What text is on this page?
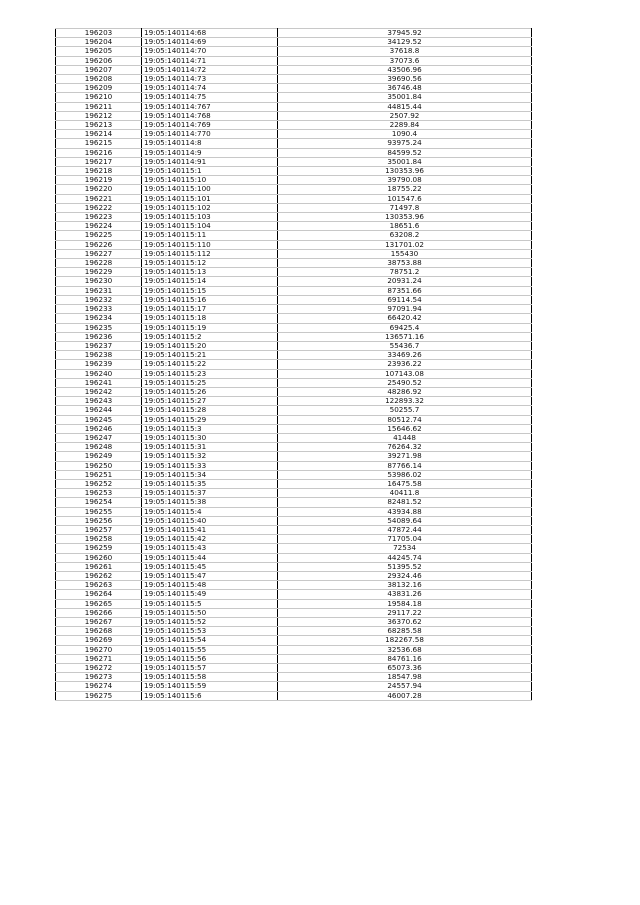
196203	19:05:140114:68	37945.92
196204	19:05:140114:69	34129.52
196205	19:05:140114:70	37618.8
196206	19:05:140114:71	37073.6
196207	19:05:140114:72	43506.96
196208	19:05:140114:73	39690.56
196209	19:05:140114:74	36746.48
196210	19:05:140114:75	35001.84
196211	19:05:140114:767	44815.44
196212	19:05:140114:768	2507.92
196213	19:05:140114:769	2289.84
196214	19:05:140114:770	1090.4
196215	19:05:140114:8	93975.24
196216	19:05:140114:9	84599.52
196217	19:05:140114:91	35001.84
196218	19:05:140115:1	130353.96
196219	19:05:140115:10	39790.08
196220	19:05:140115:100	18755.22
196221	19:05:140115:101	101547.6
196222	19:05:140115:102	71497.8
196223	19:05:140115:103	130353.96
196224	19:05:140115:104	18651.6
196225	19:05:140115:11	63208.2
196226	19:05:140115:110	131701.02
196227	19:05:140115:112	155430
196228	19:05:140115:12	38753.88
196229	19:05:140115:13	78751.2
196230	19:05:140115:14	20931.24
196231	19:05:140115:15	87351.66
196232	19:05:140115:16	69114.54
196233	19:05:140115:17	97091.94
196234	19:05:140115:18	66420.42
196235	19:05:140115:19	69425.4
196236	19:05:140115:2	136571.16
196237	19:05:140115:20	55436.7
196238	19:05:140115:21	33469.26
196239	19:05:140115:22	23936.22
196240	19:05:140115:23	107143.08
196241	19:05:140115:25	25490.52
196242	19:05:140115:26	48286.92
196243	19:05:140115:27	122893.32
196244	19:05:140115:28	50255.7
196245	19:05:140115:29	80512.74
196246	19:05:140115:3	15646.62
196247	19:05:140115:30	41448
196248	19:05:140115:31	76264.32
196249	19:05:140115:32	39271.98
196250	19:05:140115:33	87766.14
196251	19:05:140115:34	53986.02
196252	19:05:140115:35	16475.58
196253	19:05:140115:37	40411.8
196254	19:05:140115:38	82481.52
196255	19:05:140115:4	43934.88
196256	19:05:140115:40	54089.64
196257	19:05:140115:41	47872.44
196258	19:05:140115:42	71705.04
196259	19:05:140115:43	72534
196260	19:05:140115:44	44245.74
196261	19:05:140115:45	51395.52
196262	19:05:140115:47	29324.46
196263	19:05:140115:48	38132.16
196264	19:05:140115:49	43831.26
196265	19:05:140115:5	19584.18
196266	19:05:140115:50	29117.22
196267	19:05:140115:52	36370.62
196268	19:05:140115:53	68285.58
196269	19:05:140115:54	182267.58
196270	19:05:140115:55	32536.68
196271	19:05:140115:56	84761.16
196272	19:05:140115:57	65073.36
196273	19:05:140115:58	18547.98
196274	19:05:140115:59	24557.94
196275	19:05:140115:6	46007.28
